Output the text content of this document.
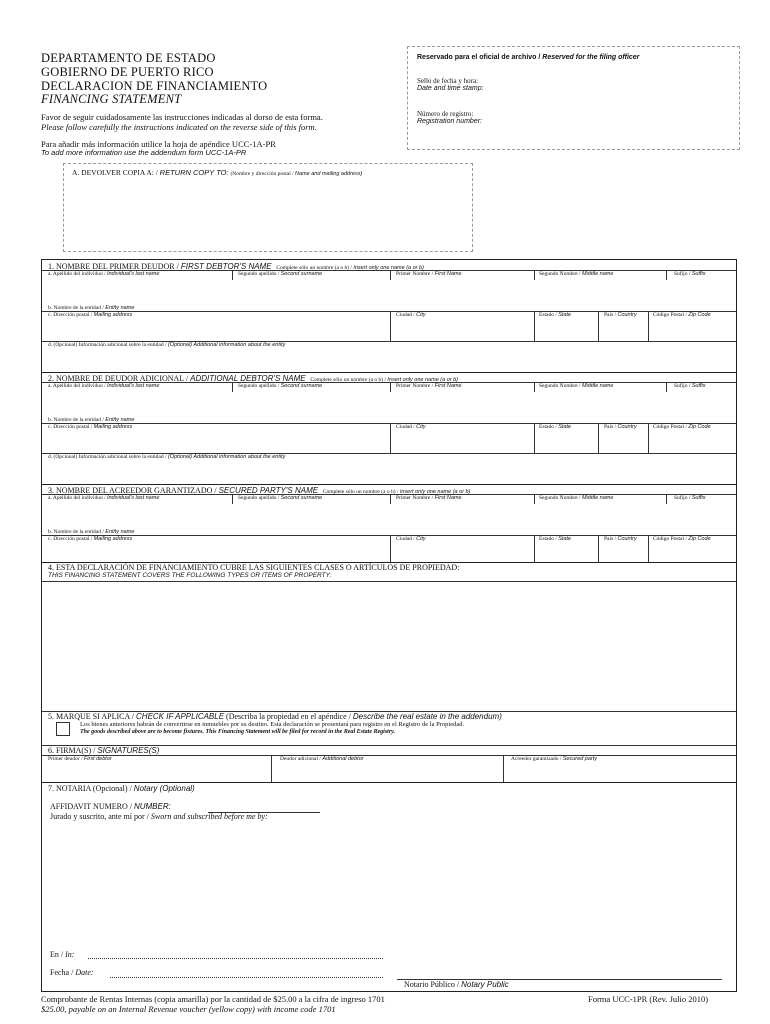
DEPARTAMENTO DE ESTADO
GOBIERNO DE PUERTO RICO
DECLARACION DE FINANCIAMIENTO
FINANCING STATEMENT
Favor de seguir cuidadosamente las instrucciones indicadas al dorso de esta forma.
Please follow carefully the instructions indicated on the reverse side of this form.
Para añadir más información utilice la hoja de apéndice UCC-1A-PR
To add more information use the addendum form UCC-1A-PR
Reservado para el oficial de archivo / Reserved for the filing officer
Sello de fecha y hora:
Date and time stamp:
Número de registro:
Registration number:
A. DEVOLVER COPIA A: / RETURN COPY TO: (Nombre y dirección postal / Name and mailing address)
1. NOMBRE DEL PRIMER DEUDOR / FIRST DEBTOR'S NAME Complete sólo un nombre (a o b) / Insert only one name (a or b)
a. Apellido del individuo / Individual's last name	Segundo apellido / Second surname	Primer Nombre / First Name	Segundo Nombre / Middle name	Sufijo / Suffix
b. Nombre de la entidad / Entity name
c. Dirección postal / Mailing address	Ciudad / City	Estado / State	País / Country	Código Postal / Zip Code
d. (Opcional) Información adicional sobre la entidad / (Optional) Additional information about the entity
2. NOMBRE DE DEUDOR ADICIONAL / ADDITIONAL DEBTOR'S NAME Complete sólo un nombre (a o b) / Insert only one name (a or b)
a. Apellido del individuo / Individual's last name	Segundo apellido / Second surname	Primer Nombre / First Name	Segundo Nombre / Middle name	Sufijo / Suffix
b. Nombre de la entidad / Entity name
c. Dirección postal / Mailing address	Ciudad / City	Estado / State	País / Country	Código Postal / Zip Code
d. (Opcional) Información adicional sobre la entidad / (Optional) Additional information about the entity
3. NOMBRE DEL ACREEDOR GARANTIZADO / SECURED PARTY'S NAME Complete sólo un nombre (a o b) / Insert only one name (a or b)
a. Apellido del individuo / Individual's last name	Segundo apellido / Second surname	Primer Nombre / First Name	Segundo Nombre / Middle name	Sufijo / Suffix
b. Nombre de la entidad / Entity name
c. Dirección postal / Mailing address	Ciudad / City	Estado / State	País / Country	Código Postal / Zip Code
4. ESTA DECLARACIÓN DE FINANCIAMIENTO CUBRE LAS SIGUIENTES CLASES O ARTÍCULOS DE PROPIEDAD:
THIS FINANCING STATEMENT COVERS THE FOLLOWING TYPES OR ITEMS OF PROPERTY:
5. MARQUE SI APLICA / CHECK IF APPLICABLE (Describa la propiedad en el apéndice / Describe the real estate in the addendum)
Los bienes anteriores habrán de convertirse en inmuebles por su destino. Esta declaración se presentará para registro en el Registro de la Propiedad.
The goods described above are to become fixtures. This Financing Statement will be filed for record in the Real Estate Registry.
6. FIRMA(S) / SIGNATURES(S)
Primer deudor / First debtor	Deudor adicional / Additional debtor	Acreedor garantizado / Secured party
7. NOTARIA (Opcional) / Notary (Optional)
AFFIDAVIT NUMERO / NUMBER:
Jurado y suscrito, ante mí por / Sworn and subscribed before me by:
En / In:
Fecha / Date:
Notario Público / Notary Public
Comprobante de Rentas Internas (copia amarilla) por la cantidad de $25.00 a la cifra de ingreso 1701
$25.00, payable on an Internal Revenue voucher (yellow copy) with income code 1701
Forma UCC-1PR (Rev. Julio 2010)
